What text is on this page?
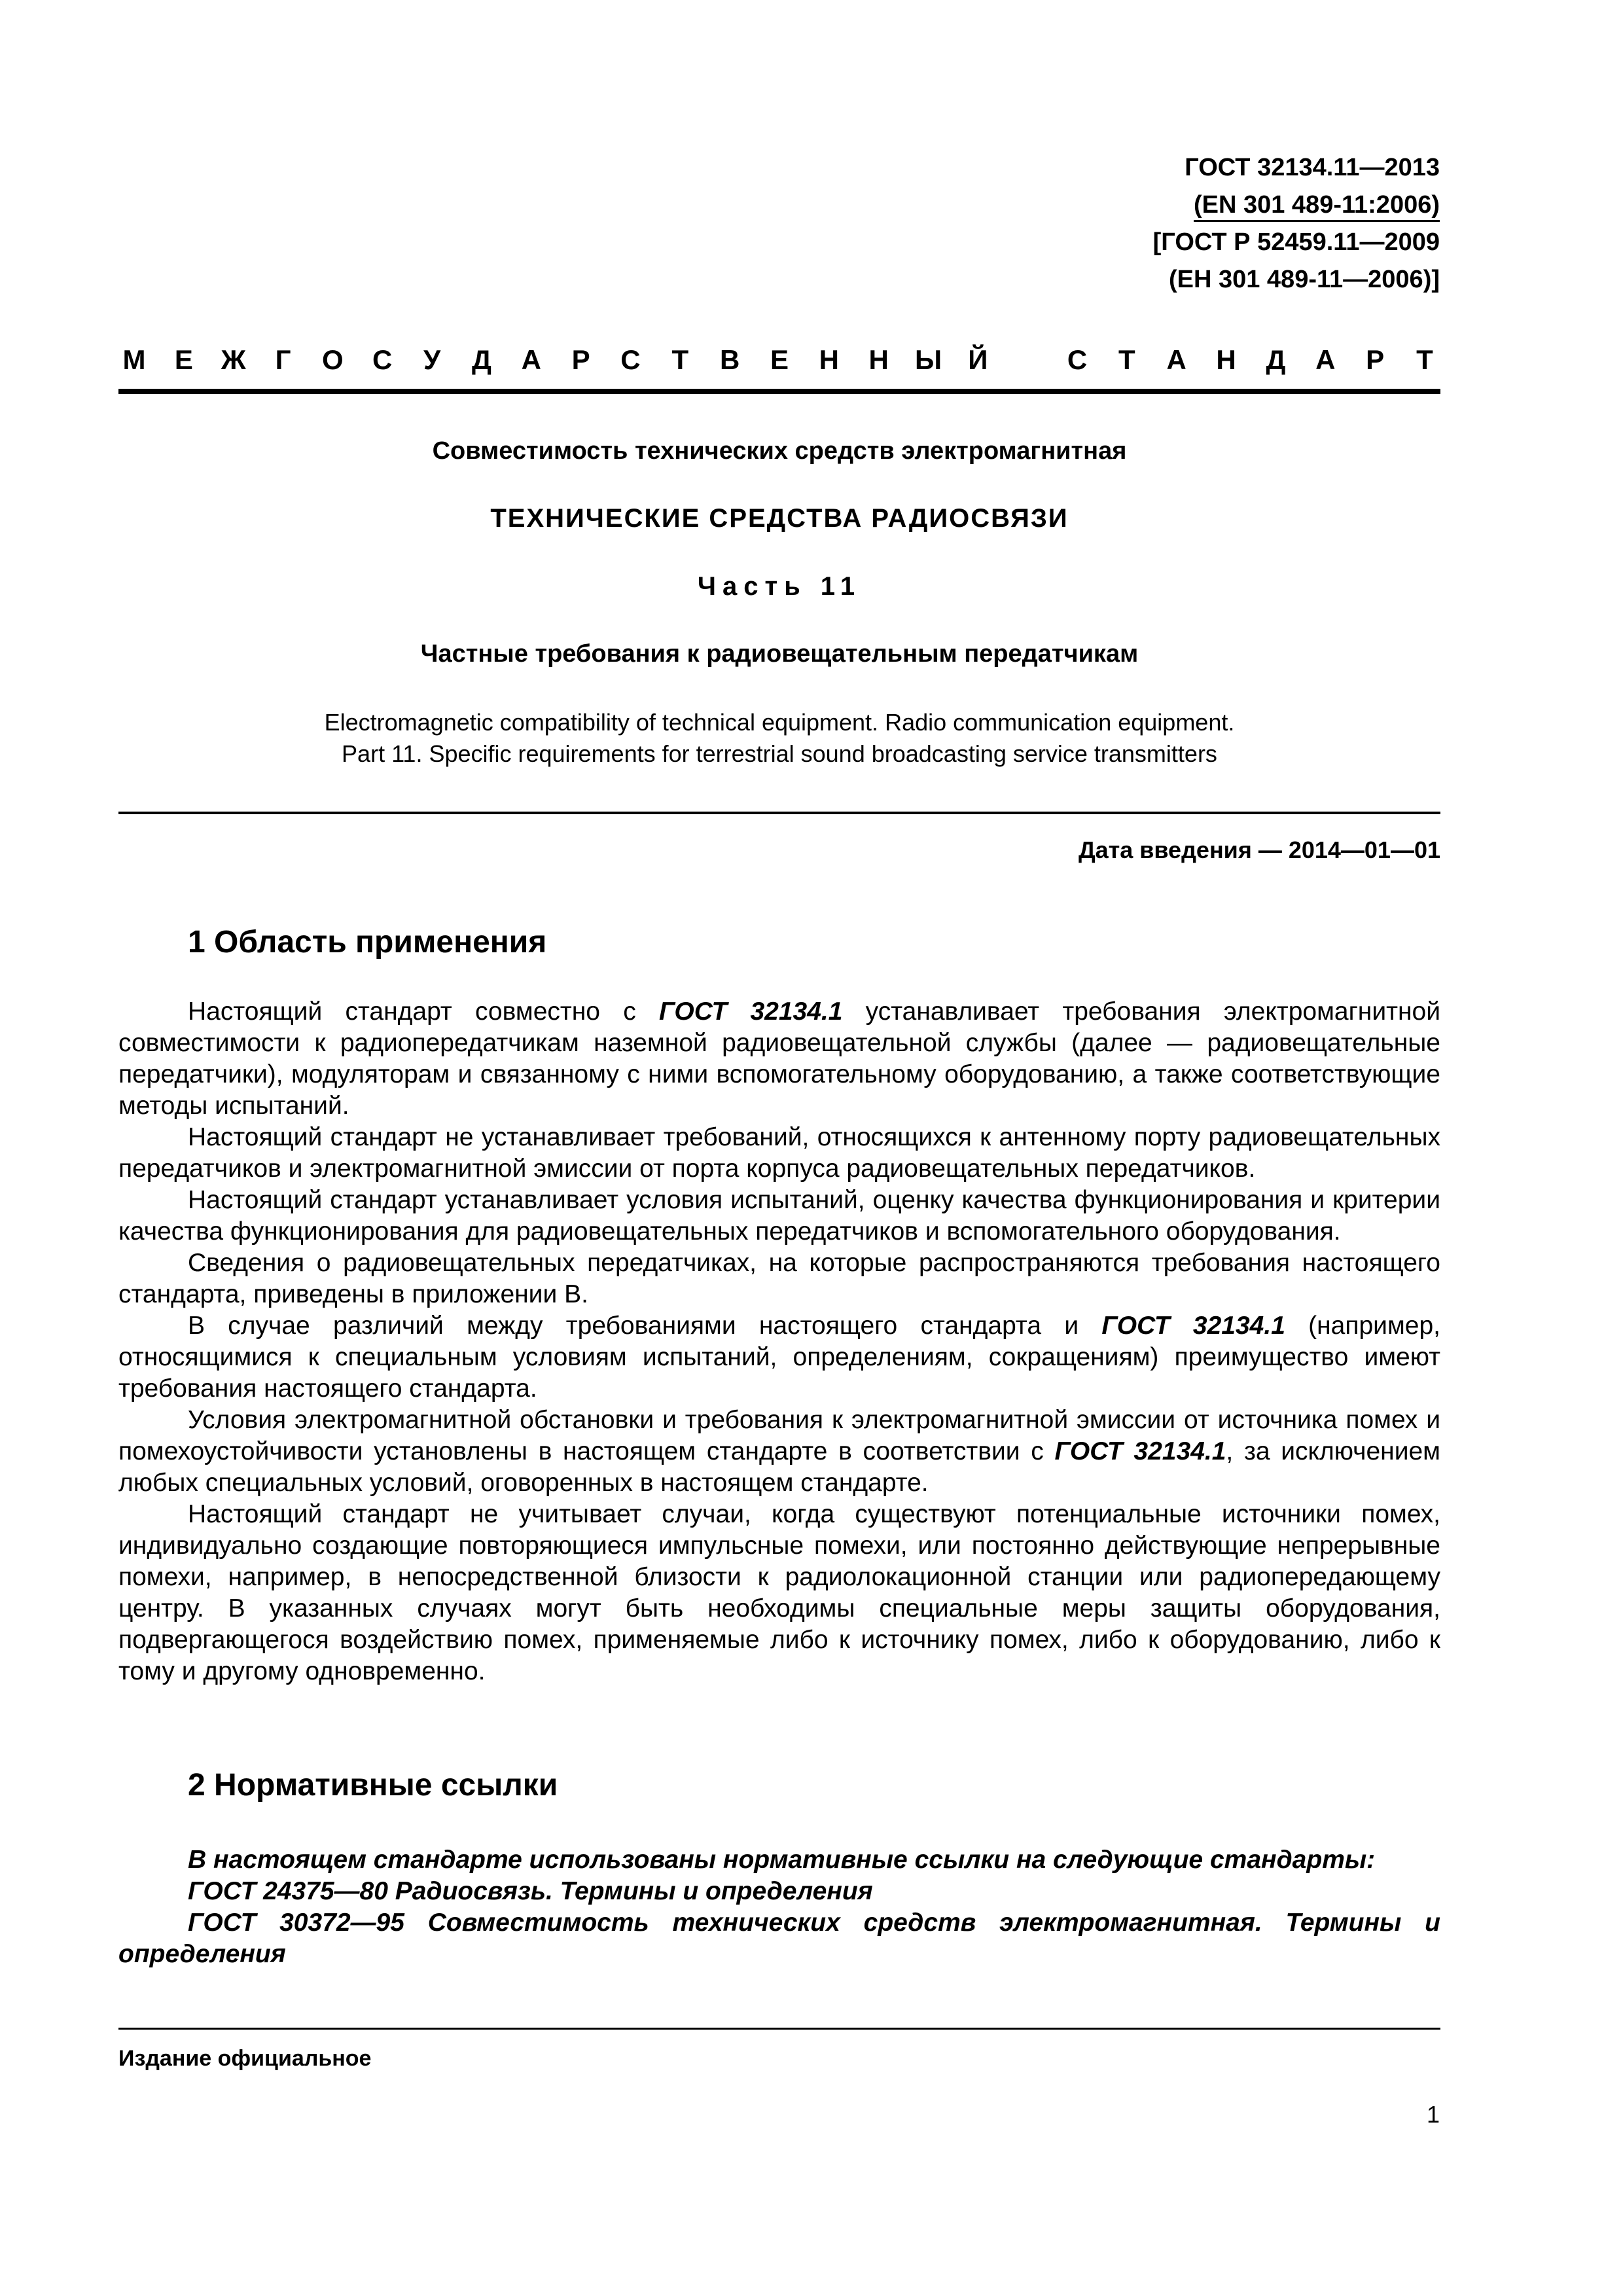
ГОСТ 32134.11—2013
(EN 301 489-11:2006)
[ГОСТ Р 52459.11—2009
(ЕН 301 489-11—2006)]
М Е Ж Г О С У Д А Р С Т В Е Н Н Ы Й	С Т А Н Д А Р Т
Совместимость технических средств электромагнитная
ТЕХНИЧЕСКИЕ СРЕДСТВА РАДИОСВЯЗИ
Часть 11
Частные требования к радиовещательным передатчикам
Electromagnetic compatibility of technical equipment. Radio communication equipment.
Part 11. Specific requirements for terrestrial sound broadcasting service transmitters
Дата введения — 2014—01—01
1 Область применения

Настоящий стандарт совместно с ГОСТ 32134.1 устанавливает требования электромагнитной совместимости к радиопередатчикам наземной радиовещательной службы (далее — радиовещательные передатчики), модуляторам и связанному с ними вспомогательному оборудованию, а также соответствующие методы испытаний.

Настоящий стандарт не устанавливает требований, относящихся к антенному порту радиовещательных передатчиков и электромагнитной эмиссии от порта корпуса радиовещательных передатчиков.

Настоящий стандарт устанавливает условия испытаний, оценку качества функционирования и критерии качества функционирования для радиовещательных передатчиков и вспомогательного оборудования.

Сведения о радиовещательных передатчиках, на которые распространяются требования настоящего стандарта, приведены в приложении В.

В случае различий между требованиями настоящего стандарта и ГОСТ 32134.1 (например, относящимися к специальным условиям испытаний, определениям, сокращениям) преимущество имеют требования настоящего стандарта.

Условия электромагнитной обстановки и требования к электромагнитной эмиссии от источника помех и помехоустойчивости установлены в настоящем стандарте в соответствии с ГОСТ 32134.1, за исключением любых специальных условий, оговоренных в настоящем стандарте.

Настоящий стандарт не учитывает случаи, когда существуют потенциальные источники помех, индивидуально создающие повторяющиеся импульсные помехи, или постоянно действующие непрерывные помехи, например, в непосредственной близости к радиолокационной станции или радиопередающему центру. В указанных случаях могут быть необходимы специальные меры защиты оборудования, подвергающегося воздействию помех, применяемые либо к источнику помех, либо к оборудованию, либо к тому и другому одновременно.

2 Нормативные ссылки

В настоящем стандарте использованы нормативные ссылки на следующие стандарты:

ГОСТ 24375—80 Радиосвязь. Термины и определения

ГОСТ 30372—95 Совместимость технических средств электромагнитная. Термины и определения

Издание официальное
1
